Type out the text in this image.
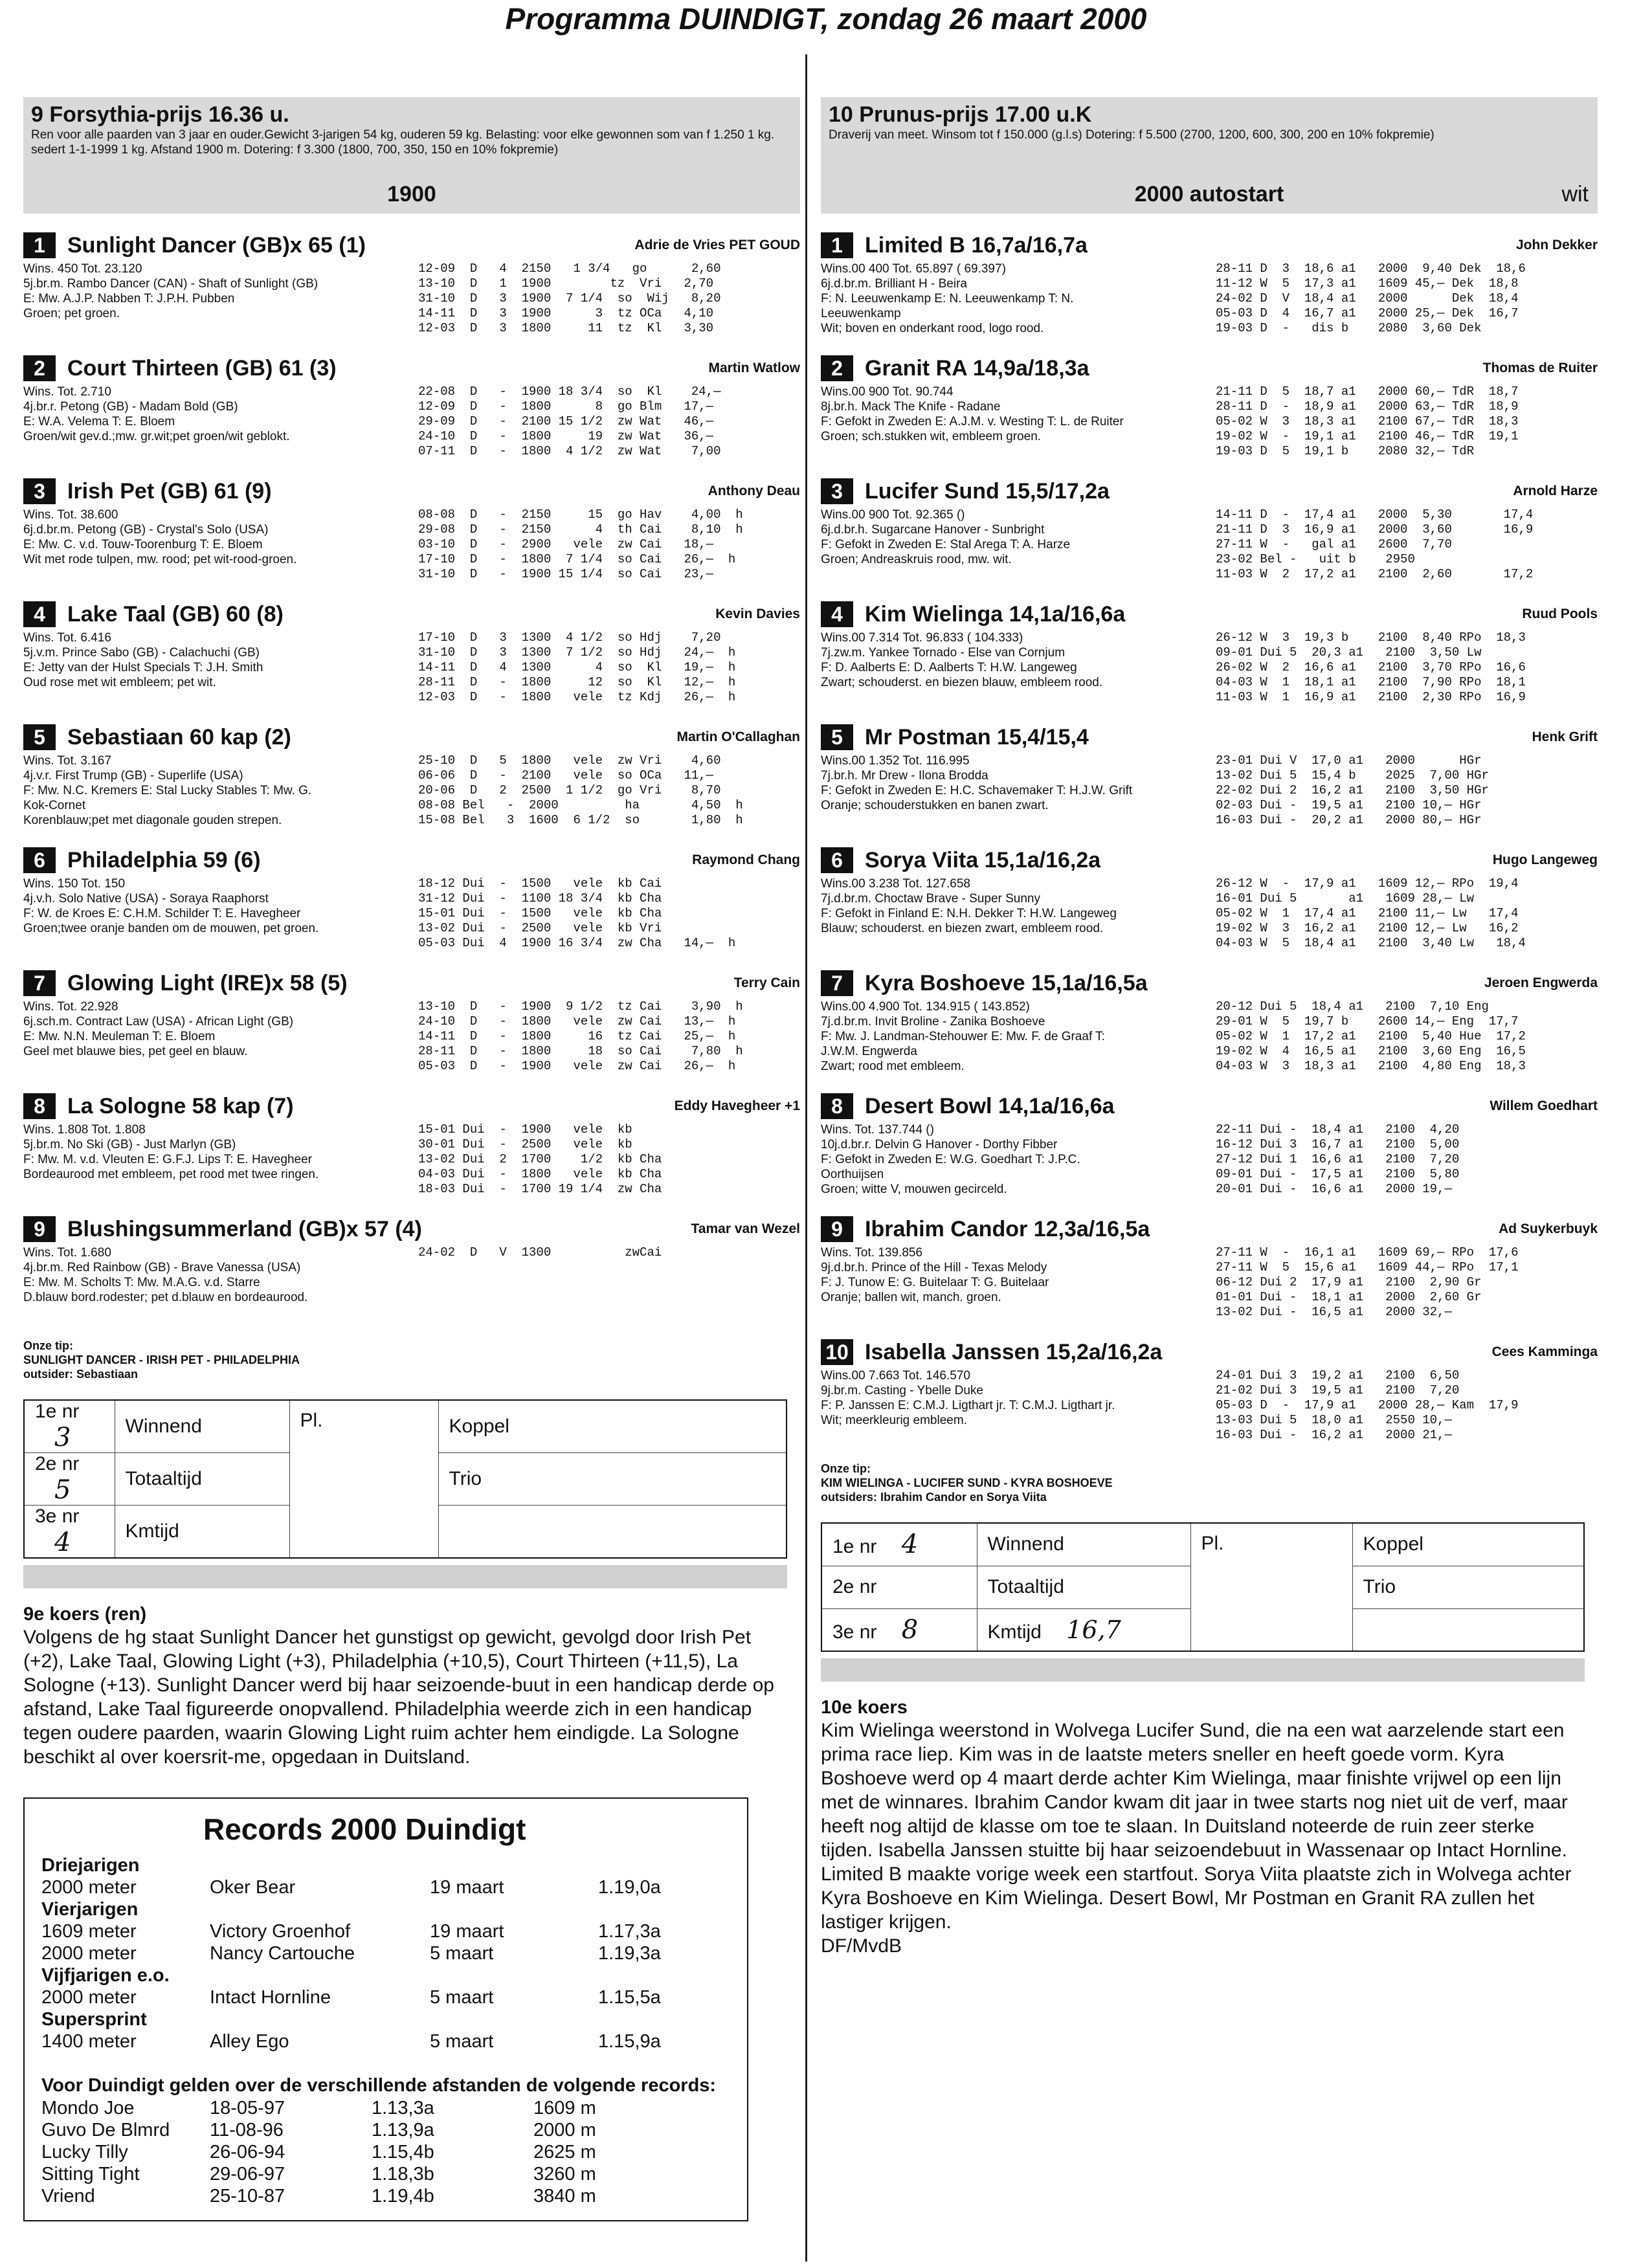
Programma DUINDIGT, zondag 26 maart 2000
9 Forsythia-prijs 16.36 u.
Ren voor alle paarden van 3 jaar en ouder.Gewicht 3-jarigen 54 kg, ouderen 59 kg. Belasting: voor elke gewonnen som van f 1.250 1 kg. sedert 1-1-1999 1 kg. Afstand 1900 m. Dotering: f 3.300 (1800, 700, 350, 150 en 10% fokpremie)
1900
1	Sunlight Dancer (GB)x 65 (1)	Adrie de Vries PET GOUD
Wins. 450 Tot. 23.120
5j.br.m. Rambo Dancer (CAN) - Shaft of Sunlight (GB)
E: Mw. A.J.P. Nabben T: J.P.H. Pubben
Groen; pet groen.
12-09  D   4  2150   1 3/4   go      2,60
13-10  D   1  1900        tz  Vri   2,70
31-10  D   3  1900  7 1/4  so  Wij   8,20
14-11  D   3  1900      3  tz OCa   4,10
12-03  D   3  1800     11  tz  Kl   3,30
2	Court Thirteen (GB) 61 (3)	Martin Watlow
Wins. Tot. 2.710
4j.br.r. Petong (GB) - Madam Bold (GB)
E: W.A. Velema T: E. Bloem
Groen/wit gev.d.;mw. gr.wit;pet groen/wit geblokt.
22-08  D   -  1900 18 3/4  so  Kl    24,—
12-09  D   -  1800      8  go Blm   17,—
29-09  D   -  2100 15 1/2  zw Wat   46,—
24-10  D   -  1800     19  zw Wat   36,—
07-11  D   -  1800  4 1/2  zw Wat    7,00
3	Irish Pet (GB) 61 (9)	Anthony Deau
Wins. Tot. 38.600
6j.d.br.m. Petong (GB) - Crystal's Solo (USA)
E: Mw. C. v.d. Touw-Toorenburg T: E. Bloem
Wit met rode tulpen, mw. rood; pet wit-rood-groen.
08-08  D   -  2150     15  go Hav    4,00  h
29-08  D   -  2150      4  th Cai    8,10  h
03-10  D   -  2900   vele  zw Cai   18,—
17-10  D   -  1800  7 1/4  so Cai   26,—  h
31-10  D   -  1900 15 1/4  so Cai   23,—
4	Lake Taal (GB) 60 (8)	Kevin Davies
Wins. Tot. 6.416
5j.v.m. Prince Sabo (GB) - Calachuchi (GB)
E: Jetty van der Hulst Specials T: J.H. Smith
Oud rose met wit embleem; pet wit.
17-10  D   3  1300  4 1/2  so Hdj    7,20
31-10  D   3  1300  7 1/2  so Hdj   24,—  h
14-11  D   4  1300      4  so  Kl   19,—  h
28-11  D   -  1800     12  so  Kl   12,—  h
12-03  D   -  1800   vele  tz Kdj   26,—  h
5	Sebastiaan 60 kap (2)	Martin O'Callaghan
Wins. Tot. 3.167
4j.v.r. First Trump (GB) - Superlife (USA)
F: Mw. N.C. Kremers E: Stal Lucky Stables T: Mw. G.
Kok-Cornet
Korenblauw;pet met diagonale gouden strepen.
25-10  D   5  1800   vele  zw Vri    4,60
06-06  D   -  2100   vele  so OCa   11,—
20-06  D   2  2500  1 1/2  go Vri    8,70
08-08 Bel   -  2000         ha       4,50  h
15-08 Bel   3  1600  6 1/2  so       1,80  h
6	Philadelphia 59 (6)	Raymond Chang
Wins. 150 Tot. 150
4j.v.h. Solo Native (USA) - Soraya Raaphorst
F: W. de Kroes E: C.H.M. Schilder T: E. Havegheer
Groen;twee oranje banden om de mouwen, pet groen.
18-12 Dui  -  1500   vele  kb Cai
31-12 Dui  -  1100 18 3/4  kb Cha
15-01 Dui  -  1500   vele  kb Cha
13-02 Dui  -  2500   vele  kb Vri
05-03 Dui  4  1900 16 3/4  zw Cha   14,—  h
7	Glowing Light (IRE)x 58 (5)	Terry Cain
Wins. Tot. 22.928
6j.sch.m. Contract Law (USA) - African Light (GB)
E: Mw. N.N. Meuleman T: E. Bloem
Geel met blauwe bies, pet geel en blauw.
13-10  D   -  1900  9 1/2  tz Cai    3,90  h
24-10  D   -  1800   vele  zw Cai   13,—  h
14-11  D   -  1800     16  tz Cai   25,—  h
28-11  D   -  1800     18  so Cai    7,80  h
05-03  D   -  1900   vele  zw Cai   26,—  h
8	La Sologne 58 kap (7)	Eddy Havegheer +1
Wins. 1.808 Tot. 1.808
5j.br.m. No Ski (GB) - Just Marlyn (GB)
F: Mw. M. v.d. Vleuten E: G.F.J. Lips T: E. Havegheer
Bordeaurood met embleem, pet rood met twee ringen.
15-01 Dui  -  1900   vele  kb
30-01 Dui  -  2500   vele  kb
13-02 Dui  2  1700    1/2  kb Cha
04-03 Dui  -  1800   vele  kb Cha
18-03 Dui  -  1700 19 1/4  zw Cha
9	Blushingsummerland (GB)x 57 (4)	Tamar van Wezel
Wins. Tot. 1.680
4j.br.m. Red Rainbow (GB) - Brave Vanessa (USA)
E: Mw. M. Scholts T: Mw. M.A.G. v.d. Starre
D.blauw bord.rodester; pet d.blauw en bordeaurood.
24-02  D   V  1300          zwCai
Onze tip:
SUNLIGHT DANCER - IRISH PET - PHILADELPHIA
outsider: Sebastiaan
1e nr 3	Winnend	Pl.	Koppel
2e nr 5	Totaaltijd		Trio
3e nr 4	Kmtijd		
9e koers (ren)
Volgens de hg staat Sunlight Dancer het gunstigst op gewicht, gevolgd door Irish Pet (+2), Lake Taal, Glowing Light (+3), Philadelphia (+10,5), Court Thirteen (+11,5), La Sologne (+13). Sunlight Dancer werd bij haar seizoende-buut in een handicap derde op afstand, Lake Taal figureerde onopvallend. Philadelphia weerde zich in een handicap tegen oudere paarden, waarin Glowing Light ruim achter hem eindigde. La Sologne beschikt al over koersrit-me, opgedaan in Duitsland.
Records 2000 Duindigt
Driejarigen
2000 meter	Oker Bear	19 maart	1.19,0a
Vierjarigen
1609 meter	Victory Groenhof	19 maart	1.17,3a
2000 meter	Nancy Cartouche	5 maart	1.19,3a
Vijfjarigen e.o.
2000 meter	Intact Hornline	5 maart	1.15,5a
Supersprint
1400 meter	Alley Ego	5 maart	1.15,9a
Voor Duindigt gelden over de verschillende afstanden de volgende records:
Mondo Joe	18-05-97	1.13,3a	1609 m
Guvo De Blmrd	11-08-96	1.13,9a	2000 m
Lucky Tilly	26-06-94	1.15,4b	2625 m
Sitting Tight	29-06-97	1.18,3b	3260 m
Vriend	25-10-87	1.19,4b	3840 m
10 Prunus-prijs 17.00 u.K
Draverij van meet. Winsom tot f 150.000 (g.l.s) Dotering: f 5.500 (2700, 1200, 600, 300, 200 en 10% fokpremie)
2000 autostart	wit
1	Limited B 16,7a/16,7a	John Dekker
Wins.00 400 Tot. 65.897 ( 69.397)
6j.d.br.m. Brilliant H - Beira
F: N. Leeuwenkamp E: N. Leeuwenkamp T: N.
Leeuwenkamp
Wit; boven en onderkant rood, logo rood.
28-11 D  3  18,6 a1   2000  9,40 Dek  18,6
11-12 W  5  17,3 a1   1609 45,— Dek  18,8
24-02 D  V  18,4 a1   2000      Dek  18,4
05-03 D  4  16,7 a1   2000 25,— Dek  16,7
19-03 D  -   dis b    2080  3,60 Dek
2	Granit RA 14,9a/18,3a	Thomas de Ruiter
Wins.00 900 Tot. 90.744
8j.br.h. Mack The Knife - Radane
F: Gefokt in Zweden E: A.J.M. v. Westing T: L. de Ruiter
Groen; sch.stukken wit, embleem groen.
21-11 D  5  18,7 a1   2000 60,— TdR  18,7
28-11 D  -  18,9 a1   2000 63,— TdR  18,9
05-02 W  3  18,3 a1   2100 67,— TdR  18,3
19-02 W  -  19,1 a1   2100 46,— TdR  19,1
19-03 D  5  19,1 b    2080 32,— TdR
3	Lucifer Sund 15,5/17,2a	Arnold Harze
Wins.00 900 Tot. 92.365 ()
6j.d.br.h. Sugarcane Hanover - Sunbright
F: Gefokt in Zweden E: Stal Arega T: A. Harze
Groen; Andreaskruis rood, mw. wit.
14-11 D  -  17,4 a1   2000  5,30       17,4
21-11 D  3  16,9 a1   2000  3,60       16,9
27-11 W  -   gal a1   2600  7,70
23-02 Bel -   uit b    2950
11-03 W  2  17,2 a1   2100  2,60       17,2
4	Kim Wielinga 14,1a/16,6a	Ruud Pools
Wins.00 7.314 Tot. 96.833 ( 104.333)
7j.zw.m. Yankee Tornado - Else van Cornjum
F: D. Aalberts E: D. Aalberts T: H.W. Langeweg
Zwart; schouderst. en biezen blauw, embleem rood.
26-12 W  3  19,3 b    2100  8,40 RPo  18,3
09-01 Dui 5  20,3 a1   2100  3,50 Lw
26-02 W  2  16,6 a1   2100  3,70 RPo  16,6
04-03 W  1  18,1 a1   2100  7,90 RPo  18,1
11-03 W  1  16,9 a1   2100  2,30 RPo  16,9
5	Mr Postman 15,4/15,4	Henk Grift
Wins.00 1.352 Tot. 116.995
7j.br.h. Mr Drew - Ilona Brodda
F: Gefokt in Zweden E: H.C. Schavemaker T: H.J.W. Grift
Oranje; schouderstukken en banen zwart.
23-01 Dui V  17,0 a1   2000      HGr
13-02 Dui 5  15,4 b    2025  7,00 HGr
22-02 Dui 2  16,2 a1   2100  3,50 HGr
02-03 Dui -  19,5 a1   2100 10,— HGr
16-03 Dui -  20,2 a1   2000 80,— HGr
6	Sorya Viita 15,1a/16,2a	Hugo Langeweg
Wins.00 3.238 Tot. 127.658
7j.d.br.m. Choctaw Brave - Super Sunny
F: Gefokt in Finland E: N.H. Dekker T: H.W. Langeweg
Blauw; schouderst. en biezen zwart, embleem rood.
26-12 W  -  17,9 a1   1609 12,— RPo  19,4
16-01 Dui 5       a1   1609 28,— Lw
05-02 W  1  17,4 a1   2100 11,— Lw   17,4
19-02 W  3  16,2 a1   2100 12,— Lw   16,2
04-03 W  5  18,4 a1   2100  3,40 Lw   18,4
7	Kyra Boshoeve 15,1a/16,5a	Jeroen Engwerda
Wins.00 4.900 Tot. 134.915 ( 143.852)
7j.d.br.m. Invit Broline - Zanika Boshoeve
F: Mw. J. Landman-Stehouwer E: Mw. F. de Graaf T:
J.W.M. Engwerda
Zwart; rood met embleem.
20-12 Dui 5  18,4 a1   2100  7,10 Eng
29-01 W  5  19,7 b    2600 14,— Eng  17,7
05-02 W  1  17,2 a1   2100  5,40 Hue  17,2
19-02 W  4  16,5 a1   2100  3,60 Eng  16,5
04-03 W  3  18,3 a1   2100  4,80 Eng  18,3
8	Desert Bowl 14,1a/16,6a	Willem Goedhart
Wins. Tot. 137.744 ()
10j.d.br.r. Delvin G Hanover - Dorthy Fibber
F: Gefokt in Zweden E: W.G. Goedhart T: J.P.C.
Oorthuijsen
Groen; witte V, mouwen gecirceld.
22-11 Dui -  18,4 a1   2100  4,20
16-12 Dui 3  16,7 a1   2100  5,00
27-12 Dui 1  16,6 a1   2100  7,20
09-01 Dui -  17,5 a1   2100  5,80
20-01 Dui -  16,6 a1   2000 19,—
9	Ibrahim Candor 12,3a/16,5a	Ad Suykerbuyk
Wins. Tot. 139.856
9j.d.br.h. Prince of the Hill - Texas Melody
F: J. Tunow E: G. Buitelaar T: G. Buitelaar
Oranje; ballen wit, manch. groen.
27-11 W  -  16,1 a1   1609 69,— RPo  17,6
27-11 W  5  15,6 a1   1609 44,— RPo  17,1
06-12 Dui 2  17,9 a1   2100  2,90 Gr
01-01 Dui -  18,1 a1   2000  2,60 Gr
13-02 Dui -  16,5 a1   2000 32,—
10 Isabella Janssen 15,2a/16,2a	Cees Kamminga
Wins.00 7.663 Tot. 146.570
9j.br.m. Casting - Ybelle Duke
F: P. Janssen E: C.M.J. Ligthart jr. T: C.M.J. Ligthart jr.
Wit; meerkleurig embleem.
24-01 Dui 3  19,2 a1   2100  6,50
21-02 Dui 3  19,5 a1   2100  7,20
05-03 D  -  17,9 a1   2000 28,— Kam  17,9
13-03 Dui 5  18,0 a1   2550 10,—
16-03 Dui -  16,2 a1   2000 21,—
Onze tip:
KIM WIELINGA - LUCIFER SUND - KYRA BOSHOEVE
outsiders: Ibrahim Candor en Sorya Viita
1e nr 4	Winnend	Pl.	Koppel
2e nr	Totaaltijd		Trio
3e nr 8	Kmtijd 16,7		
10e koers
Kim Wielinga weerstond in Wolvega Lucifer Sund, die na een wat aarzelende start een prima race liep. Kim was in de laatste meters sneller en heeft goede vorm. Kyra Boshoeve werd op 4 maart derde achter Kim Wielinga, maar finishte vrijwel op een lijn met de winnares. Ibrahim Candor kwam dit jaar in twee starts nog niet uit de verf, maar heeft nog altijd de klasse om toe te slaan. In Duitsland noteerde de ruin zeer sterke tijden. Isabella Janssen stuitte bij haar seizoendebuut in Wassenaar op Intact Hornline. Limited B maakte vorige week een startfout. Sorya Viita plaatste zich in Wolvega achter Kyra Boshoeve en Kim Wielinga. Desert Bowl, Mr Postman en Granit RA zullen het lastiger krijgen.
DF/MvdB
